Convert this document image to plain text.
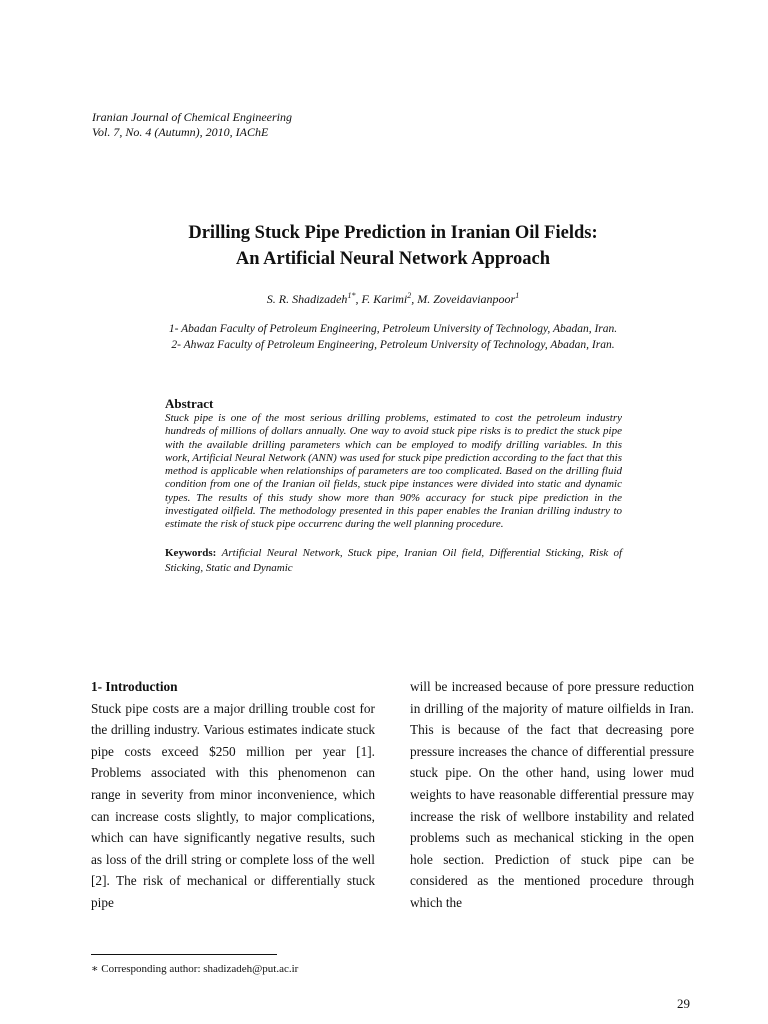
Iranian Journal of Chemical Engineering
Vol. 7, No. 4 (Autumn), 2010, IAChE
Drilling Stuck Pipe Prediction in Iranian Oil Fields:
An Artificial Neural Network Approach
S. R. Shadizadeh$^{1*}$, F. Karimi$^2$, M. Zoveidavianpoor$^1$
1- Abadan Faculty of Petroleum Engineering, Petroleum University of Technology, Abadan, Iran.
2- Ahwaz Faculty of Petroleum Engineering, Petroleum University of Technology, Abadan, Iran.
Abstract
Stuck pipe is one of the most serious drilling problems, estimated to cost the petroleum industry hundreds of millions of dollars annually. One way to avoid stuck pipe risks is to predict the stuck pipe with the available drilling parameters which can be employed to modify drilling variables. In this work, Artificial Neural Network (ANN) was used for stuck pipe prediction according to the fact that this method is applicable when relationships of parameters are too complicated. Based on the drilling fluid condition from one of the Iranian oil fields, stuck pipe instances were divided into static and dynamic types. The results of this study show more than 90% accuracy for stuck pipe prediction in the investigated oilfield. The methodology presented in this paper enables the Iranian drilling industry to estimate the risk of stuck pipe occurrenc during the well planning procedure.
Keywords: Artificial Neural Network, Stuck pipe, Iranian Oil field, Differential Sticking, Risk of Sticking, Static and Dynamic
1- Introduction
Stuck pipe costs are a major drilling trouble cost for the drilling industry. Various estimates indicate stuck pipe costs exceed $250 million per year [1]. Problems associated with this phenomenon can range in severity from minor inconvenience, which can increase costs slightly, to major complications, which can have significantly negative results, such as loss of the drill string or complete loss of the well [2]. The risk of mechanical or differentially stuck pipe
will be increased because of pore pressure reduction in drilling of the majority of mature oilfields in Iran. This is because of the fact that decreasing pore pressure increases the chance of differential pressure stuck pipe. On the other hand, using lower mud weights to have reasonable differential pressure may increase the risk of wellbore instability and related problems such as mechanical sticking in the open hole section. Prediction of stuck pipe can be considered as the mentioned procedure through which the
∗ Corresponding author: shadizadeh@put.ac.ir
29
